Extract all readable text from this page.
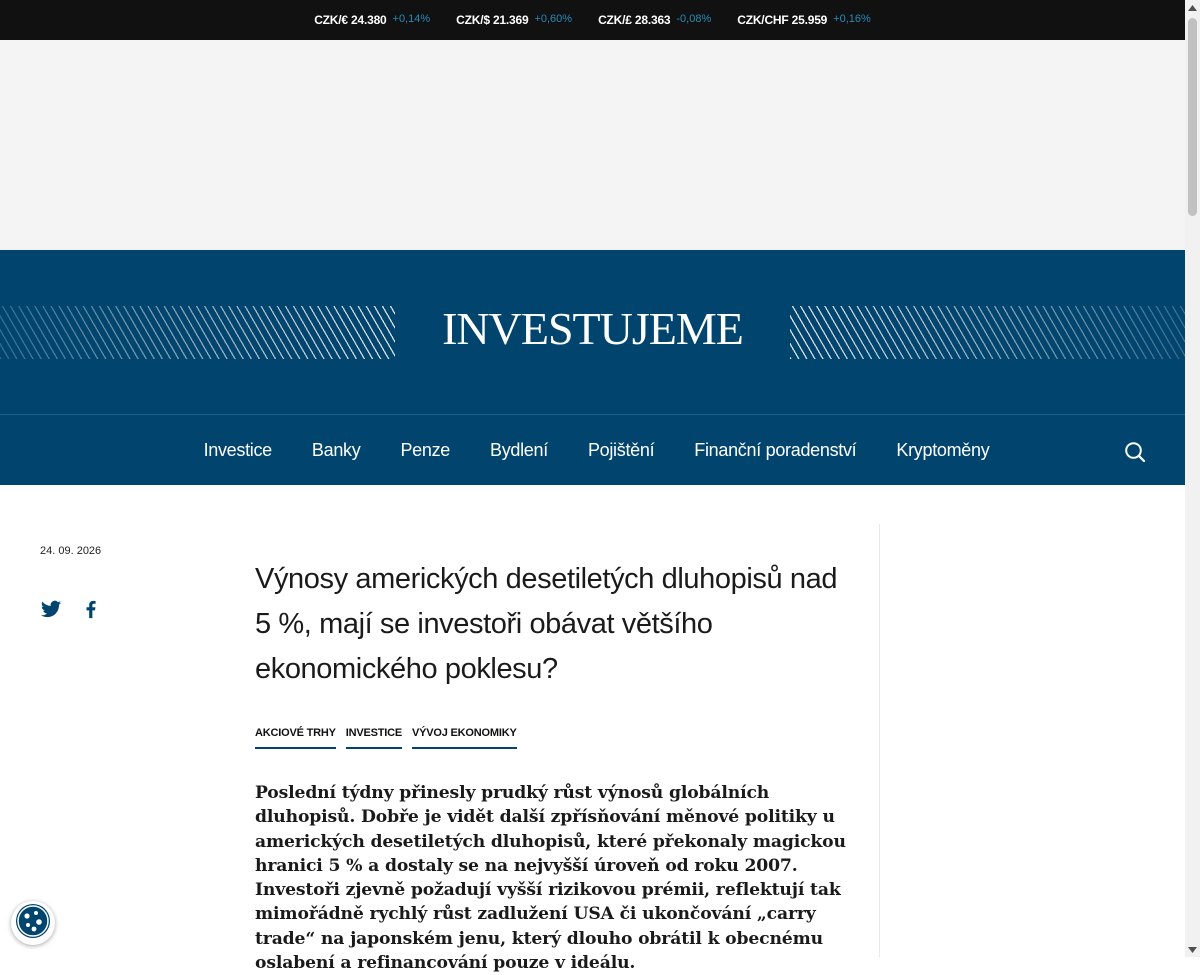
CZK/€ 24.380 +0,14% CZK/$ 21.369 +0,60% CZK/£ 28.363 -0,08% CZK/CHF 25.959 +0,16%
INVESTUJEME
Investice Banky Penze Bydlení Pojištění Finanční poradenství Kryptoměny
24. 09. 2026
Výnosy amerických desetiletých dluhopisů nad 5 %, mají se investoři obávat většího ekonomického poklesu?
AKCIOVÉ TRHY INVESTICE VÝVOJ EKONOMIKY

Poslední týdny přinesly prudký růst výnosů globálních dluhopisů. Dobře je vidět další zpřísňování měnové politiky u amerických desetiletých dluhopisů, které překonaly magickou hranici 5 % a dostaly se na nejvyšší úroveň od roku 2007. Investoři zjevně požadují vyšší rizikovou prémii, reflektují tak mimořádně rychlý růst zadlužení USA či ukončování „carry trade“ na japonském jenu, který dlouho obrátil k obecnému oslabení a refinancování pouze v ideálu.
